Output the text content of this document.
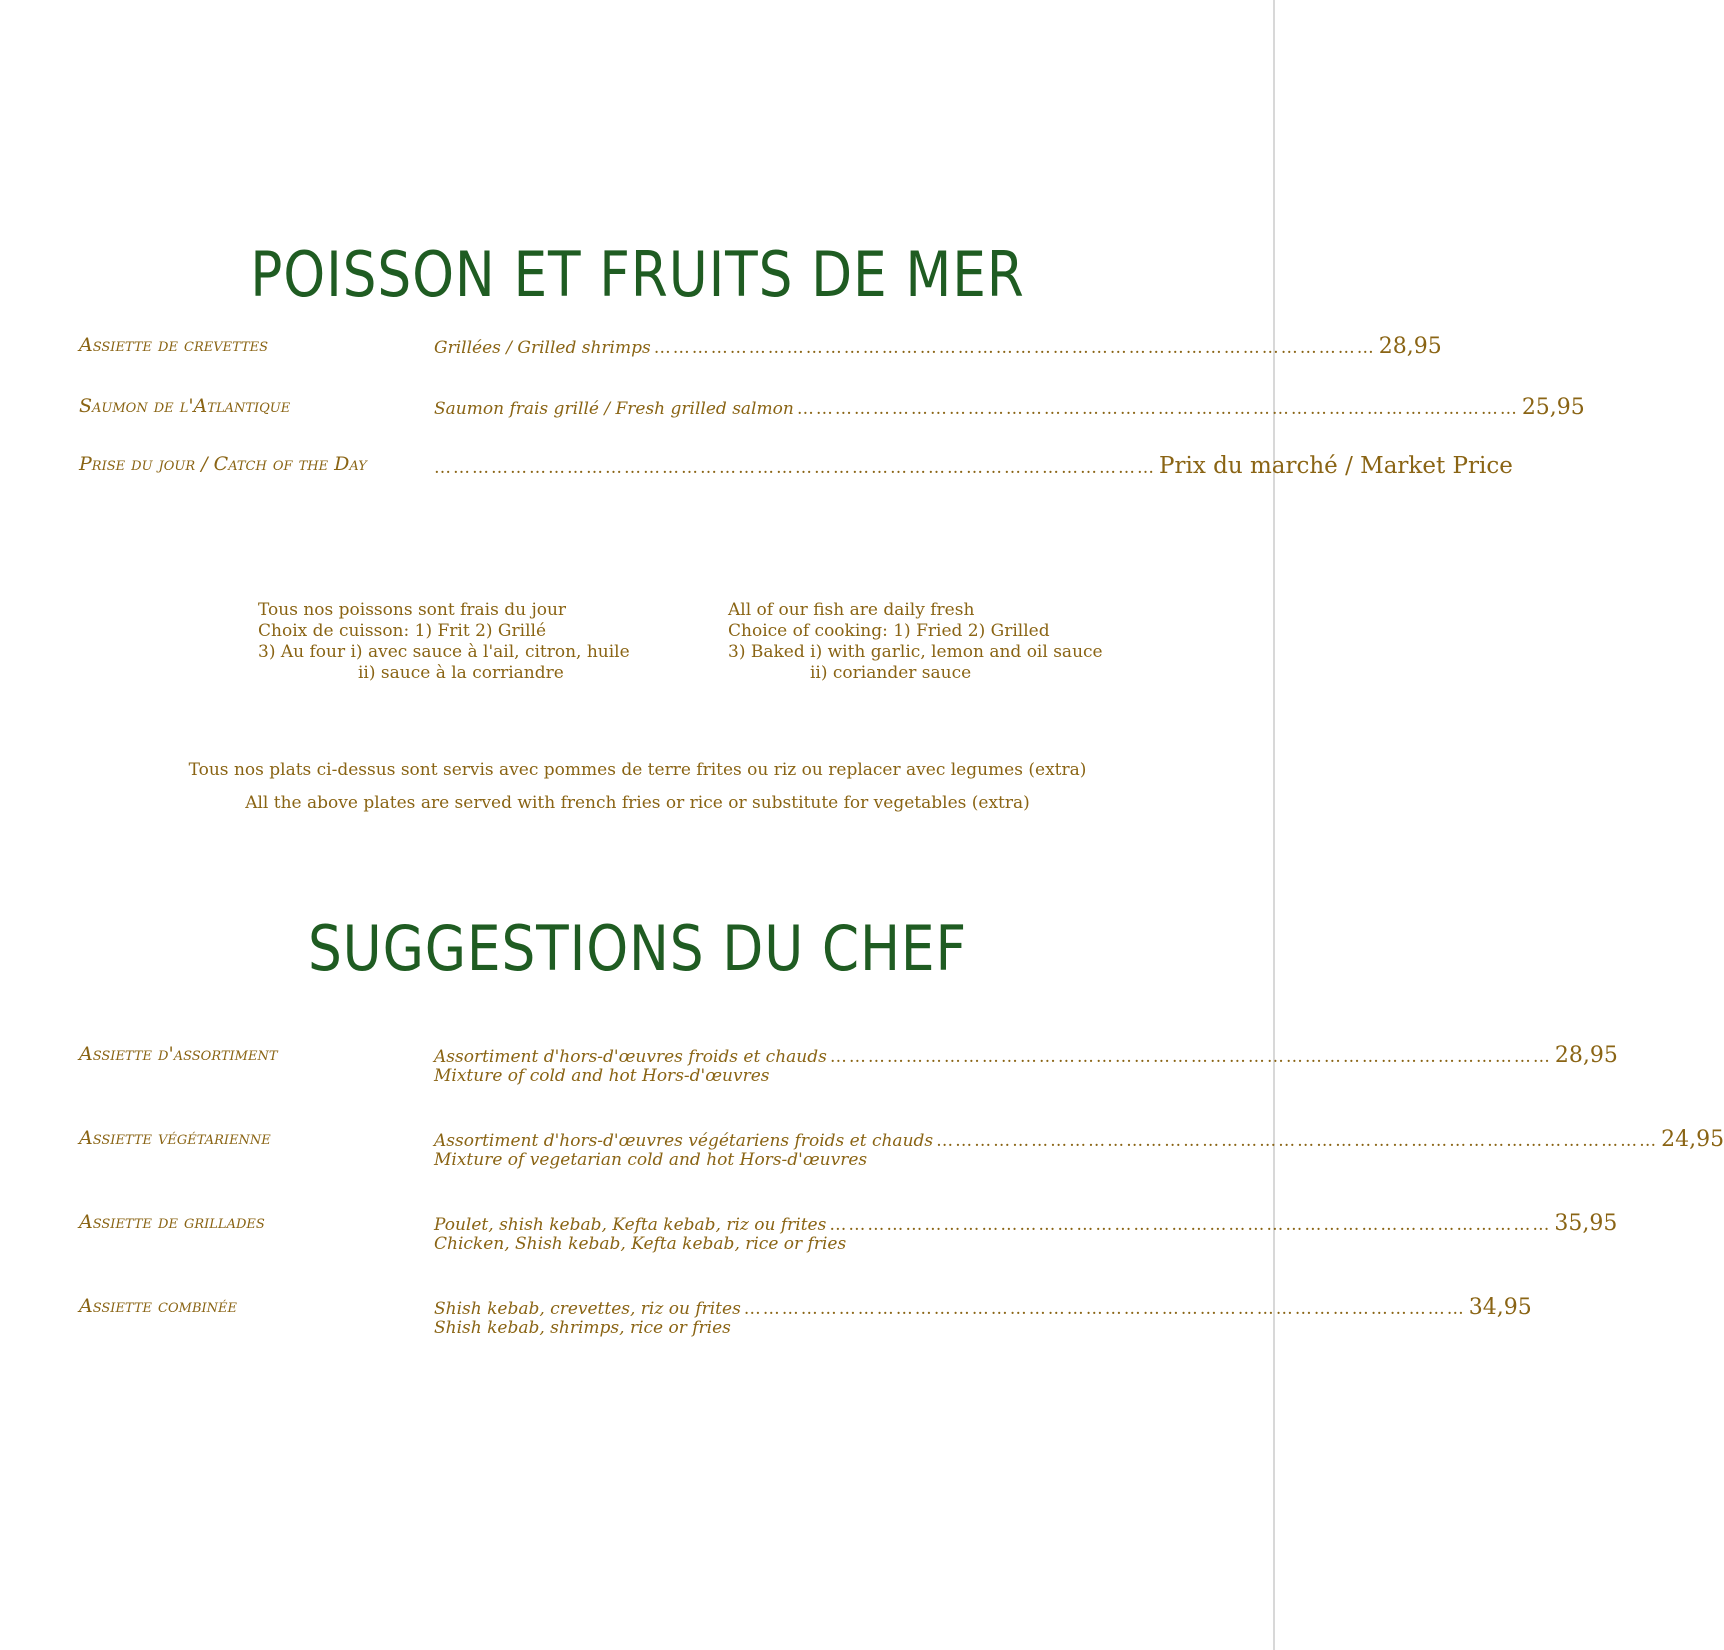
POISSON ET FRUITS DE MER
Assiette de crevettes	Grillées / Grilled shrimps …………………………………………………………………………………………………… 28,95
Saumon de l'Atlantique	Saumon frais grillé / Fresh grilled salmon …………………………………………………………………………………………………… 25,95
Prise du jour / Catch of the Day	…………………………………………………………………………………………………… Prix du marché / Market Price
Tous nos poissons sont frais du jour
Choix de cuisson: 1) Frit 2) Grillé
3) Au four i) avec sauce à l'ail, citron, huile
ii) sauce à la corriandre
All of our fish are daily fresh
Choice of cooking: 1) Fried 2) Grilled
3) Baked i) with garlic, lemon and oil sauce
ii) coriander sauce
Tous nos plats ci-dessus sont servis avec pommes de terre frites ou riz ou replacer avec legumes (extra)
All the above plates are served with french fries or rice or substitute for vegetables (extra)
SUGGESTIONS DU CHEF
Assiette d'assortiment	Assortiment d'hors-d'œuvres froids et chauds …………………………………………………………………………………………………… 28,95
Mixture of cold and hot Hors-d'œuvres
Assiette végétarienne	Assortiment d'hors-d'œuvres végétariens froids et chauds …………………………………………………………………………………………………… 24,95
Mixture of vegetarian cold and hot Hors-d'œuvres
Assiette de grillades	Poulet, shish kebab, Kefta kebab, riz ou frites …………………………………………………………………………………………………… 35,95
Chicken, Shish kebab, Kefta kebab, rice or fries
Assiette combinée	Shish kebab, crevettes, riz ou frites …………………………………………………………………………………………………… 34,95
Shish kebab, shrimps, rice or fries
